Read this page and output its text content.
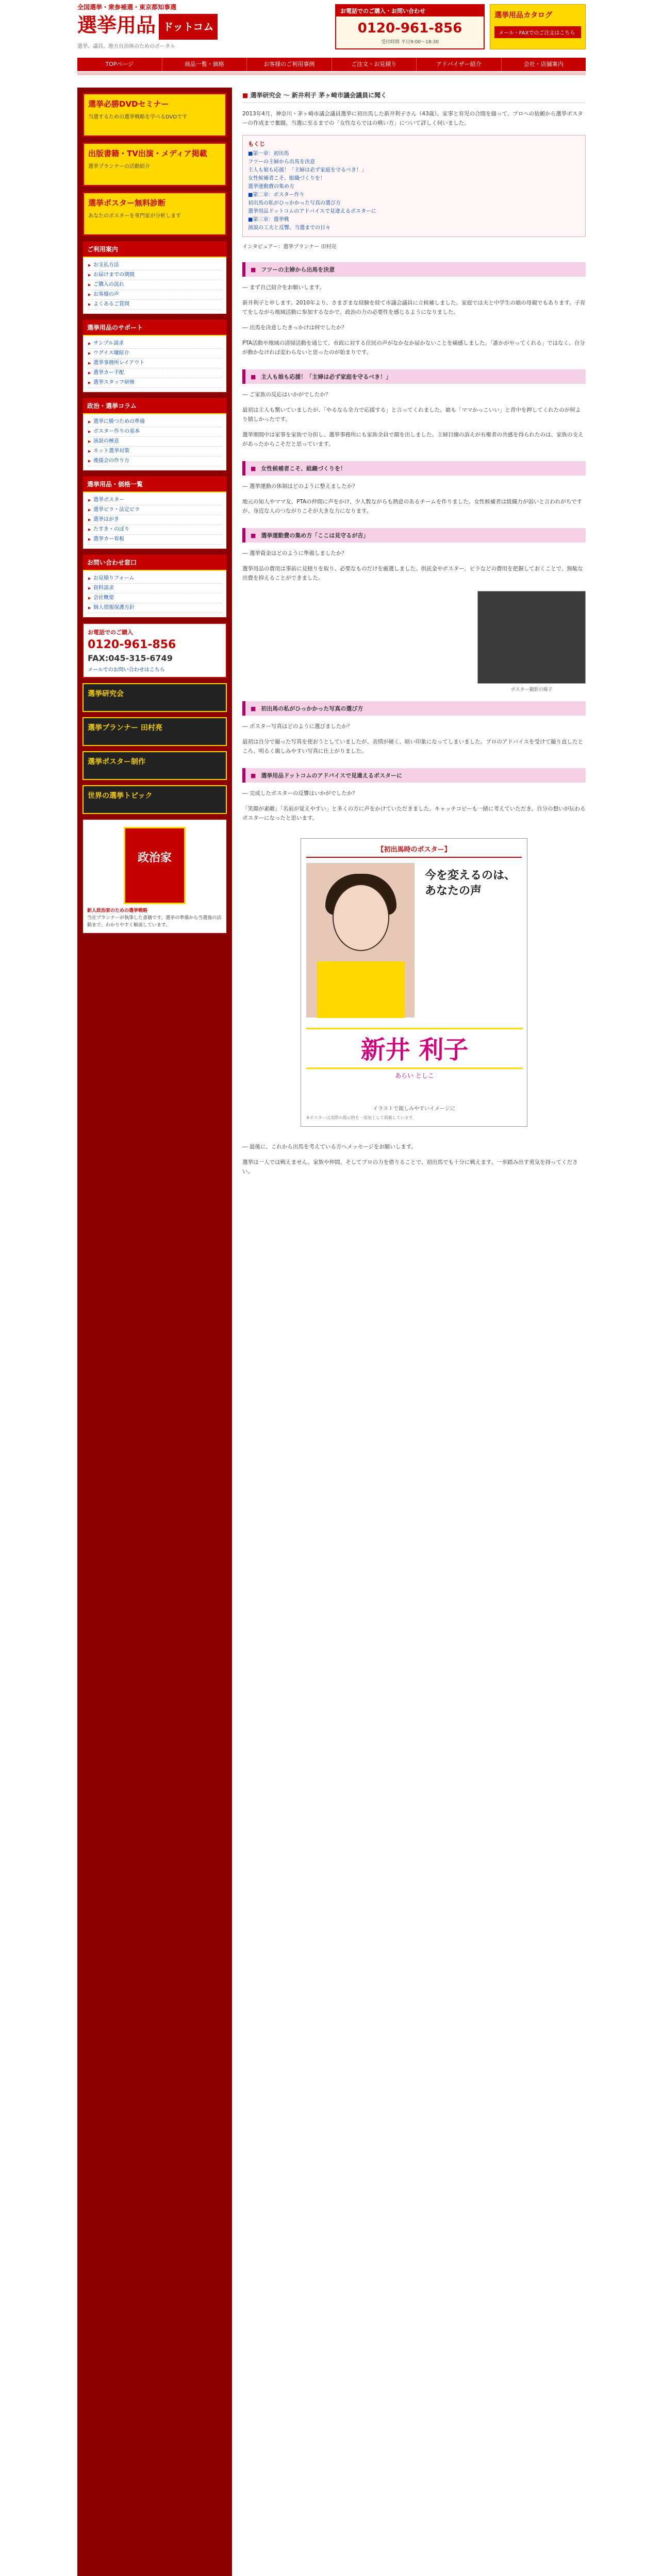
全国選挙・衆参補選・東京都知事選
選挙用品 ドットコム
選挙、議員、地方自治体のためのポータル
お電話でのご購入・お問い合わせ
0120-961-856
受付時間 平日9:00～18:30
選挙用品カタログ
メール・FAXでのご注文はこちら
TOPページ	商品一覧・価格	お客様のご利用事例	ご注文・お見積り	アドバイザー紹介	会社・店舗案内
選挙必勝DVDセミナー
当選するための選挙戦略を学べるDVDです
出版書籍・TV出演・メディア掲載
選挙プランナーの活動紹介
選挙ポスター無料診断
あなたのポスターを専門家が分析します
ご利用案内
▶ お支払方法
▶ お届けまでの期間
▶ ご購入の流れ
▶ お客様の声
▶ よくあるご質問
選挙用品のサポート
▶ サンプル請求
▶ ウグイス嬢紹介
▶ 選挙事務所レイアウト
▶ 選挙カー手配
▶ 選挙スタッフ研修
政治・選挙コラム
▶ 選挙に勝つための準備
▶ ポスター作りの基本
▶ 演説の極意
▶ ネット選挙対策
▶ 後援会の作り方
選挙用品・価格一覧
▶ 選挙ポスター
▶ 選挙ビラ・法定ビラ
▶ 選挙はがき
▶ たすき・のぼり
▶ 選挙カー看板
お問い合わせ窓口
▶ お見積りフォーム
▶ 資料請求
▶ 会社概要
▶ 個人情報保護方針
お電話でのご購入
0120-961-856
FAX:045-315-6749
メールでのお問い合わせはこちら
選挙研究会
選挙プランナー 田村亮
選挙ポスター制作
世界の選挙トピック
政治家
新人政治家のための選挙戦略
当社プランナーが執筆した書籍です。選挙の準備から当選後の活動まで、わかりやすく解説しています。
■ 選挙研究会 ～ 新井利子 茅ヶ崎市議会議員に聞く
2013年4月、神奈川・茅ヶ崎市議会議員選挙に初出馬した新井利子さん（43歳）。家事と育児の合間を縫って、プロへの依頼から選挙ポスターの作成まで奮闘。当選に至るまでの「女性ならではの戦い方」について詳しく伺いました。
もくじ
■第一章：初出馬
フツーの主婦から出馬を決意
主人も娘も応援！「主婦は必ず家庭を守るべき！」
女性候補者こそ、組織づくりを！
選挙運動費の集め方
■第二章：ポスター作り
初出馬の私がひっかかった写真の選び方
選挙用品ドットコムのアドバイスで見違えるポスターに
■第三章：選挙戦
演説の工夫と反響、当選までの日々
インタビュアー：選挙プランナー 田村亮
■ フツーの主婦から出馬を決意
― まず自己紹介をお願いします。
新井利子と申します。2010年より、さまざまな経験を経て市議会議員に立候補しました。家庭では夫と中学生の娘の母親でもあります。子育てをしながら地域活動に参加するなかで、政治の力の必要性を感じるようになりました。
― 出馬を決意したきっかけは何でしたか？
PTA活動や地域の清掃活動を通じて、市政に対する住民の声がなかなか届かないことを痛感しました。「誰かがやってくれる」ではなく、自分が動かなければ変わらないと思ったのが始まりです。
■ 主人も娘も応援！「主婦は必ず家庭を守るべき！」
― ご家族の反応はいかがでしたか？
最初は主人も驚いていましたが、「やるなら全力で応援する」と言ってくれました。娘も「ママかっこいい」と背中を押してくれたのが何より嬉しかったです。
選挙期間中は家事を家族で分担し、選挙事務所にも家族全員で顔を出しました。主婦目線の訴えが有権者の共感を得られたのは、家族の支えがあったからこそだと思っています。
■ 女性候補者こそ、組織づくりを！
― 選挙運動の体制はどのように整えましたか？
地元の知人やママ友、PTAの仲間に声をかけ、少人数ながらも熱意のあるチームを作りました。女性候補者は組織力が弱いと言われがちですが、身近な人のつながりこそが大きな力になります。
■ 選挙運動費の集め方「ここは見守るが吉」
― 選挙資金はどのように準備しましたか？
選挙用品の費用は事前に見積りを取り、必要なものだけを厳選しました。供託金やポスター、ビラなどの費用を把握しておくことで、無駄な出費を抑えることができました。
ポスター撮影の様子
■ 初出馬の私がひっかかった写真の選び方
― ポスター写真はどのように選びましたか？
最初は自分で撮った写真を使おうとしていましたが、表情が硬く、暗い印象になってしまいました。プロのアドバイスを受けて撮り直したところ、明るく親しみやすい写真に仕上がりました。
■ 選挙用品ドットコムのアドバイスで見違えるポスターに
― 完成したポスターの反響はいかがでしたか？
「笑顔が素敵」「名前が覚えやすい」と多くの方に声をかけていただきました。キャッチコピーも一緒に考えていただき、自分の想いが伝わるポスターになったと思います。
【初出馬時のポスター】
今を変えるのは、あなたの声
新井 利子
あらい としこ
イラストで親しみやすいイメージに
※ポスターは実際の掲示物を一部加工して掲載しています。
― 最後に、これから出馬を考えている方へメッセージをお願いします。
選挙は一人では戦えません。家族や仲間、そしてプロの力を借りることで、初出馬でも十分に戦えます。一歩踏み出す勇気を持ってください。
